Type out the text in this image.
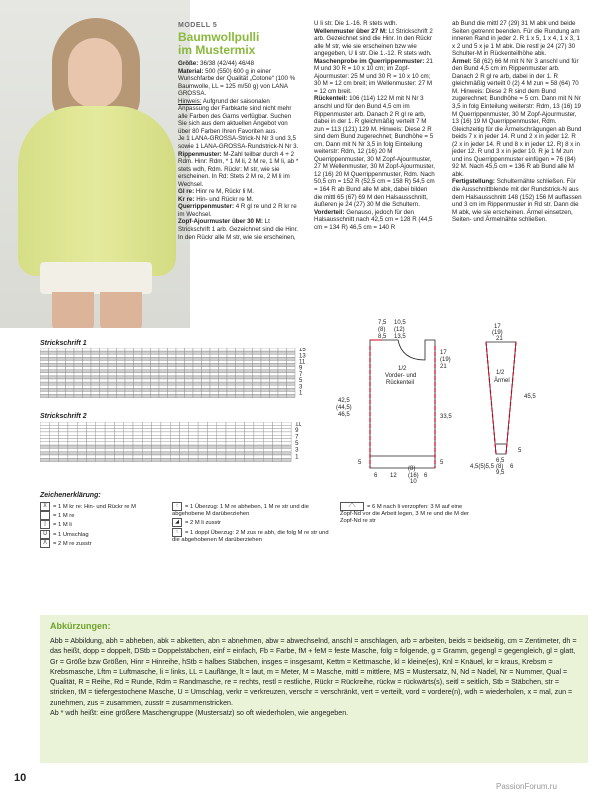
MODELL 5
Baumwollpulli
im Mustermix

Größe: 36/38 (42/44) 46/48

Material: 500 (550) 600 g in einer Wunschfarbe der Qualität „Cotone“ (100 % Baumwolle, LL = 125 m/50 g) von LANA GROSSA.

Hinweis: Aufgrund der saisonalen Anpassung der Farbkarte sind nicht mehr alle Farben des Garns verfügbar. Suchen Sie sich aus dem aktuellen Angebot von über 80 Farben Ihren Favoriten aus.

Je 1 LANA-GROSSA-Strick-N Nr 3 und 3,5 sowie 1 LANA-GROSSA-Rundstrick-N Nr 3.

Rippenmuster: M-Zahl teilbar durch 4 + 2 Rdm. Hinr: Rdm, * 1 M li, 2 M re, 1 M li, ab * stets wdh, Rdm. Rückr: M str, wie sie erscheinen. In Rd: Stets 2 M re, 2 M li im Wechsel.

Gl re: Hinr re M, Rückr li M.

Kr re: Hin- und Rückr re M.

Querrippenmuster: 4 R gl re und 2 R kr re im Wechsel.

Zopf-Ajourmuster über 30 M: Lt Strickschrift 1 arb. Gezeichnet sind die Hinr. In den Rückr alle M str, wie sie erscheinen,

U li str. Die 1.-16. R stets wdh.

Wellenmuster über 27 M: Lt Strickschrift 2 arb. Gezeichnet sind die Hinr. In den Rückr alle M str, wie sie erscheinen bzw wie angegeben, U li str. Die 1.-12. R stets wdh.

Maschenprobe im Querrippenmuster: 21 M und 30 R = 10 x 10 cm; im Zopf-Ajourmuster: 25 M und 30 R = 10 x 10 cm; 30 M = 12 cm breit; im Wellenmuster: 27 M = 12 cm breit.

Rückenteil: 106 (114) 122 M mit N Nr 3 anschl und für den Bund 4,5 cm im Rippenmuster arb. Danach 2 R gl re arb, dabei in der 1. R gleichmäßig verteilt 7 M zun = 113 (121) 129 M. Hinweis: Diese 2 R sind dem Bund zugerechnet; Bundhöhe = 5 cm. Dann mit N Nr 3,5 in folg Einteilung weiterstr: Rdm, 12 (16) 20 M Querrippenmuster, 30 M Zopf-Ajourmuster, 27 M Wellenmuster, 30 M Zopf-Ajourmuster, 12 (16) 20 M Querrippenmuster, Rdm. Nach 50,5 cm = 152 R (52,5 cm = 158 R) 54,5 cm = 164 R ab Bund alle M abk, dabei bilden die mittl 65 (67) 69 M den Halsausschnitt, äußeren je 24 (27) 30 M die Schultern.

Vorderteil: Genauso, jedoch für den Halsausschnitt nach 42,5 cm = 128 R (44,5 cm = 134 R) 46,5 cm = 140 R

ab Bund die mittl 27 (29) 31 M abk und beide Seiten getrennt beenden. Für die Rundung am inneren Rand in jeder 2. R 1 x 5, 1 x 4, 1 x 3, 1 x 2 und 5 x je 1 M abk. Die restl je 24 (27) 30 Schulter-M in Rückenteilhöhe abk.

Ärmel: 58 (62) 66 M mit N Nr 3 anschl und für den Bund 4,5 cm im Rippenmuster arb. Danach 2 R gl re arb, dabei in der 1. R gleichmäßig verteilt 0 (2) 4 M zun = 58 (64) 70 M. Hinweis: Diese 2 R sind dem Bund zugerechnet; Bundhöhe = 5 cm. Dann mit N Nr 3,5 in folg Einteilung weiterstr: Rdm, 13 (16) 19 M Querrippenmuster, 30 M Zopf-Ajourmuster, 13 (16) 19 M Querrippenmuster, Rdm. Gleichzeitig für die Ärmelschrägungen ab Bund beids 7 x in jeder 14. R und 2 x in jeder 12. R (2 x in jeder 14. R und 8 x in jeder 12. R) 8 x in jeder 12. R und 3 x in jeder 10. R je 1 M zun und ins Querrippenmuster einfügen = 76 (84) 92 M. Nach 45,5 cm = 136 R ab Bund alle M abk.

Fertigstellung: Schulternähte schließen. Für die Ausschnittblende mit der Rundstrick-N aus dem Halsausschnitt 148 (152) 156 M auffassen und 3 cm im Rippenmuster in Rd str. Dann die M abk, wie sie erscheinen. Ärmel einsetzen, Seiten- und Ärmelnähte schließen.

Strickschrift 1
15
13
11
9
7
5
3
1
Strickschrift 2
11
9
7
5
3
1
Zeichenerklärung:
X = 1 M kr re: Hin- und Rückr re M
= 1 M re
| = 1 M li
U = 1 Umschlag
Λ = 2 M re zusstr
↑ = 1 Überzug: 1 M re abheben, 1 M re str und die abgehobene M darüberziehen
◢ = 2 M li zusstr
↑ = 1 doppl Überzug: 2 M zus re abh, die folg M re str und die abgehobenen M darüberziehen
⟋⟍ = 6 M nach li verzopfen: 3 M auf eine Zopf-Nd vor die Arbeit legen, 3 M re und die M der Zopf-Nd re str
7,5
(8)
8,5
10,5
(12)
13,5
17
(19)
21
1/2
Vorder- und
Rückenteil
42,5
(44,5)
46,5	33,5
5	5
6 12
(8)
10
(16) 6
17
(19)
21
1/2
Ärmel
45,5
5
6,5
(8)
9,5
4,5(5)5,5	6
Abkürzungen:
Abb = Abbildung, abh = abheben, abk = abketten, abn = abnehmen, abw = abwechselnd, anschl = anschlagen, arb = arbeiten, beids = beidseitig, cm = Zentimeter, dh = das heißt, dopp = doppelt, DStb = Doppelstäbchen, einf = einfach, Fb = Farbe, fM + feM = feste Masche, folg = folgende, g = Gramm, gegengl = gegengleich, gl = glatt, Gr = Größe bzw Größen, Hinr = Hinreihe, hStb = halbes Stäbchen, insges = insgesamt, Kettm = Kettmasche, kl = kleine(es), Knl = Knäuel, kr = kraus, Krebsm = Krebsmasche, Lftm = Luftmasche, li = links, LL = Lauflänge, lt = laut, m = Meter, M = Masche, mittl = mittlere, MS = Mustersatz, N, Nd = Nadel, Nr = Nummer, Qual = Qualität, R = Reihe, Rd = Runde, Rdm = Randmasche, re = rechts, restl = restliche, Rückr = Rückreihe, rückw = rückwärts(s), seitl = seitlich, Stb = Stäbchen, str = stricken, tM = tiefergestochene Masche, U = Umschlag, verkr = verkreuzen, verschr = verschränkt, vert = verteilt, vord = vordere(n), wdh = wiederholen, x = mal, zun = zunehmen, zus = zusammen, zusstr = zusammenstricken.
Ab * wdh heißt: eine größere Maschengruppe (Mustersatz) so oft wiederholen, wie angegeben.
10
PassionForum.ru
